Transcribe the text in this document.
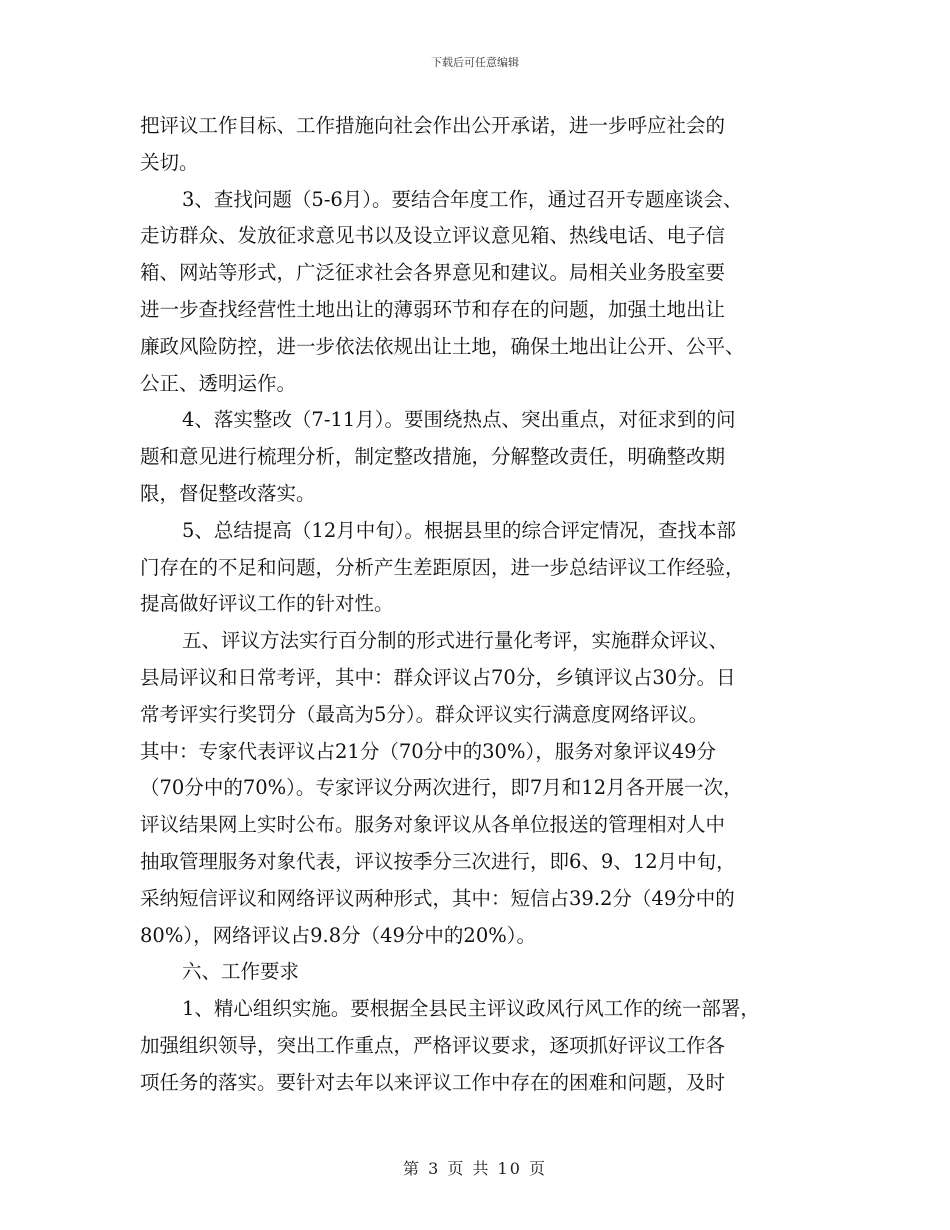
下载后可任意编辑
把评议工作目标、工作措施向社会作出公开承诺，进一步呼应社会的
关切。
3、查找问题（5-6月）。要结合年度工作，通过召开专题座谈会、
走访群众、发放征求意见书以及设立评议意见箱、热线电话、电子信
箱、网站等形式，广泛征求社会各界意见和建议。局相关业务股室要
进一步查找经营性土地出让的薄弱环节和存在的问题，加强土地出让
廉政风险防控，进一步依法依规出让土地，确保土地出让公开、公平、
公正、透明运作。
4、落实整改（7-11月）。要围绕热点、突出重点，对征求到的问
题和意见进行梳理分析，制定整改措施，分解整改责任，明确整改期
限，督促整改落实。
5、总结提高（12月中旬）。根据县里的综合评定情况，查找本部
门存在的不足和问题，分析产生差距原因，进一步总结评议工作经验，
提高做好评议工作的针对性。
五、评议方法实行百分制的形式进行量化考评，实施群众评议、
县局评议和日常考评，其中：群众评议占70分，乡镇评议占30分。日
常考评实行奖罚分（最高为5分）。群众评议实行满意度网络评议。
其中：专家代表评议占21分（70分中的30%），服务对象评议49分
（70分中的70%）。专家评议分两次进行，即7月和12月各开展一次，
评议结果网上实时公布。服务对象评议从各单位报送的管理相对人中
抽取管理服务对象代表，评议按季分三次进行，即6、9、12月中旬，
采纳短信评议和网络评议两种形式，其中：短信占39.2分（49分中的
80%），网络评议占9.8分（49分中的20%）。
六、工作要求
1、精心组织实施。要根据全县民主评议政风行风工作的统一部署，
加强组织领导，突出工作重点，严格评议要求，逐项抓好评议工作各
项任务的落实。要针对去年以来评议工作中存在的困难和问题，及时
第 3 页 共 10 页
